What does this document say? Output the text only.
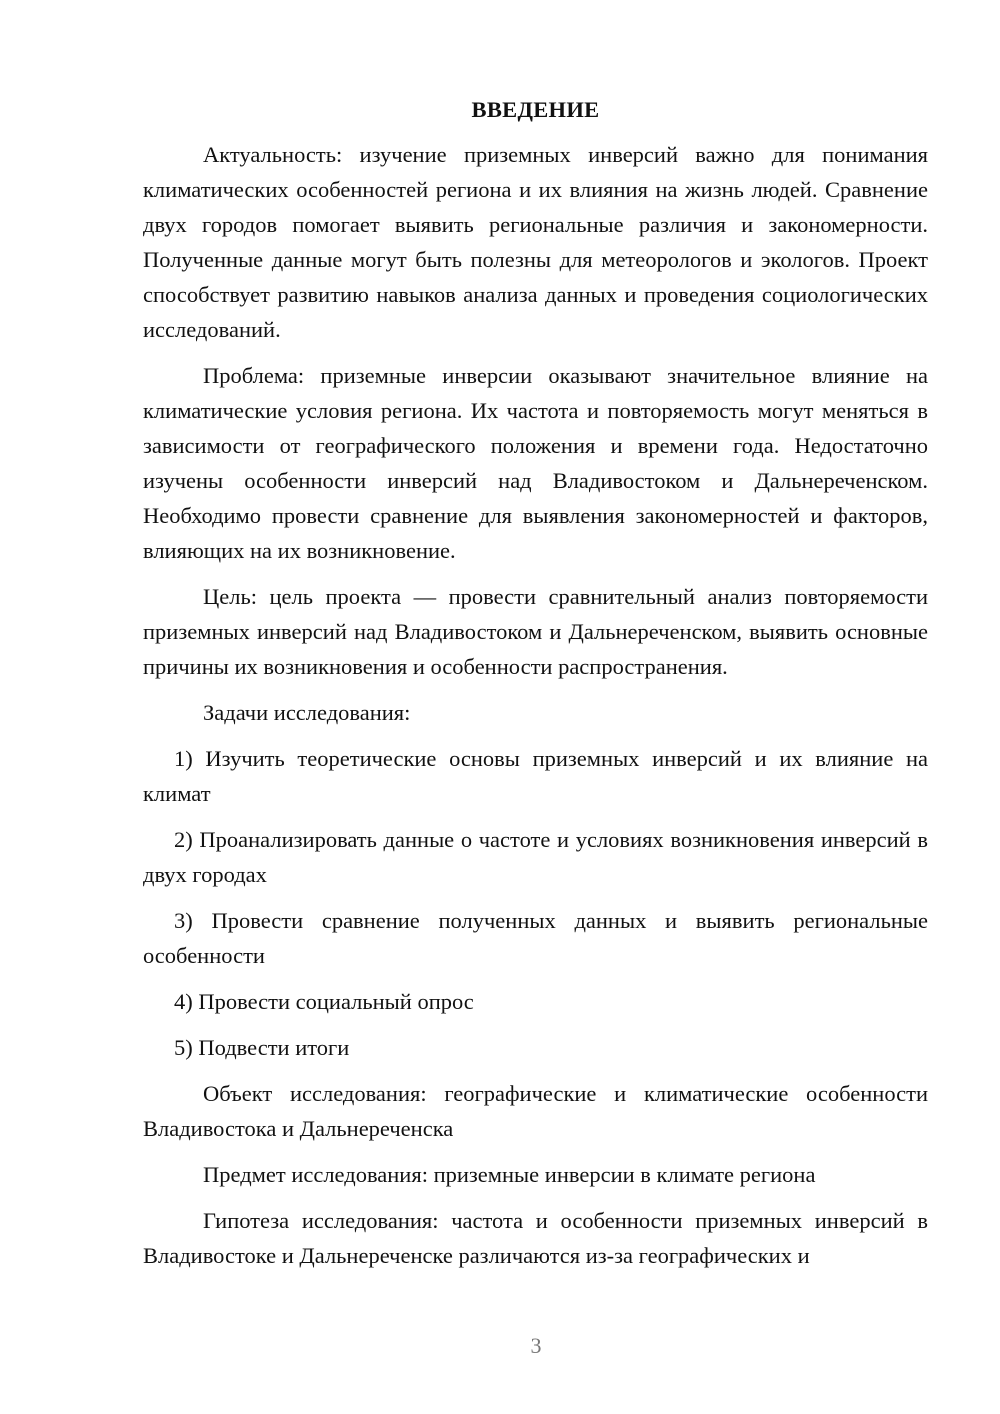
ВВЕДЕНИЕ

Актуальность: изучение приземных инверсий важно для понимания климатических особенностей региона и их влияния на жизнь людей. Сравнение двух городов помогает выявить региональные различия и закономерности. Полученные данные могут быть полезны для метеорологов и экологов. Проект способствует развитию навыков анализа данных и проведения социологических исследований.

Проблема: приземные инверсии оказывают значительное влияние на климатические условия региона. Их частота и повторяемость могут меняться в зависимости от географического положения и времени года. Недостаточно изучены особенности инверсий над Владивостоком и Дальнереченском. Необходимо провести сравнение для выявления закономерностей и факторов, влияющих на их возникновение.

Цель: цель проекта — провести сравнительный анализ повторяемости приземных инверсий над Владивостоком и Дальнереченском, выявить основные причины их возникновения и особенности распространения.

Задачи исследования:

1) Изучить теоретические основы приземных инверсий и их влияние на климат

2) Проанализировать данные о частоте и условиях возникновения инверсий в двух городах

3) Провести сравнение полученных данных и выявить региональные особенности

4) Провести социальный опрос

5) Подвести итоги

Объект исследования: географические и климатические особенности Владивостока и Дальнереченска

Предмет исследования: приземные инверсии в климате региона

Гипотеза исследования: частота и особенности приземных инверсий в Владивостоке и Дальнереченске различаются из-за географических и

3
